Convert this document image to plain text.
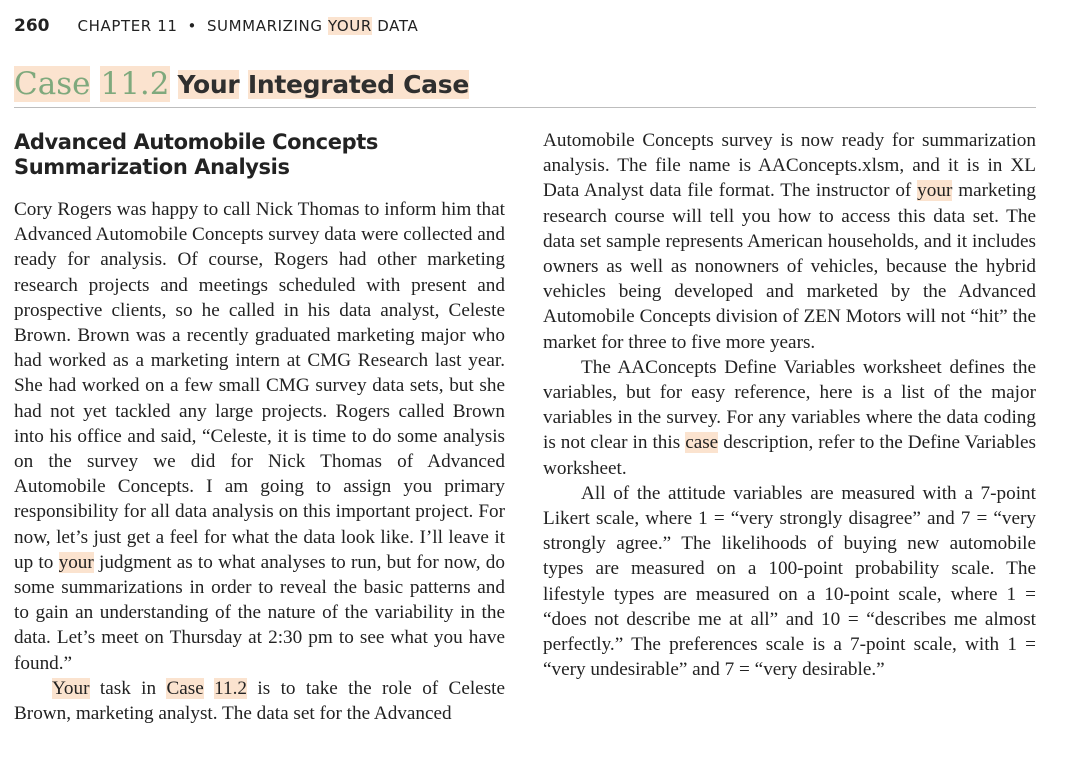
260 CHAPTER 11 • SUMMARIZING YOUR DATA
Case 11.2 Your Integrated Case
Advanced Automobile Concepts
Summarization Analysis

Cory Rogers was happy to call Nick Thomas to inform him that Advanced Automobile Concepts survey data were collected and ready for analysis. Of course, Rogers had other marketing research projects and meetings scheduled with present and prospective clients, so he called in his data analyst, Celeste Brown. Brown was a recently graduated marketing major who had worked as a marketing intern at CMG Research last year. She had worked on a few small CMG survey data sets, but she had not yet tackled any large projects. Rogers called Brown into his office and said, “Celeste, it is time to do some analysis on the survey we did for Nick Thomas of Advanced Automobile Concepts. I am going to assign you primary responsibility for all data analysis on this important project. For now, let’s just get a feel for what the data look like. I’ll leave it up to your judgment as to what analyses to run, but for now, do some summarizations in order to reveal the basic patterns and to gain an understanding of the nature of the variability in the data. Let’s meet on Thursday at 2:30 pm to see what you have found.”

Your task in Case 11.2 is to take the role of Celeste Brown, marketing analyst. The data set for the Advanced

Automobile Concepts survey is now ready for summarization analysis. The file name is AAConcepts.xlsm, and it is in XL Data Analyst data file format. The instructor of your marketing research course will tell you how to access this data set. The data set sample represents American households, and it includes owners as well as nonowners of vehicles, because the hybrid vehicles being developed and marketed by the Advanced Automobile Concepts division of ZEN Motors will not “hit” the market for three to five more years.

The AAConcepts Define Variables worksheet defines the variables, but for easy reference, here is a list of the major variables in the survey. For any variables where the data coding is not clear in this case description, refer to the Define Variables worksheet.

All of the attitude variables are measured with a 7-point Likert scale, where 1 = “very strongly disagree” and 7 = “very strongly agree.” The likelihoods of buying new automobile types are measured on a 100-point probability scale. The lifestyle types are measured on a 10-point scale, where 1 = “does not describe me at all” and 10 = “describes me almost perfectly.” The preferences scale is a 7-point scale, with 1 = “very undesirable” and 7 = “very desirable.”
